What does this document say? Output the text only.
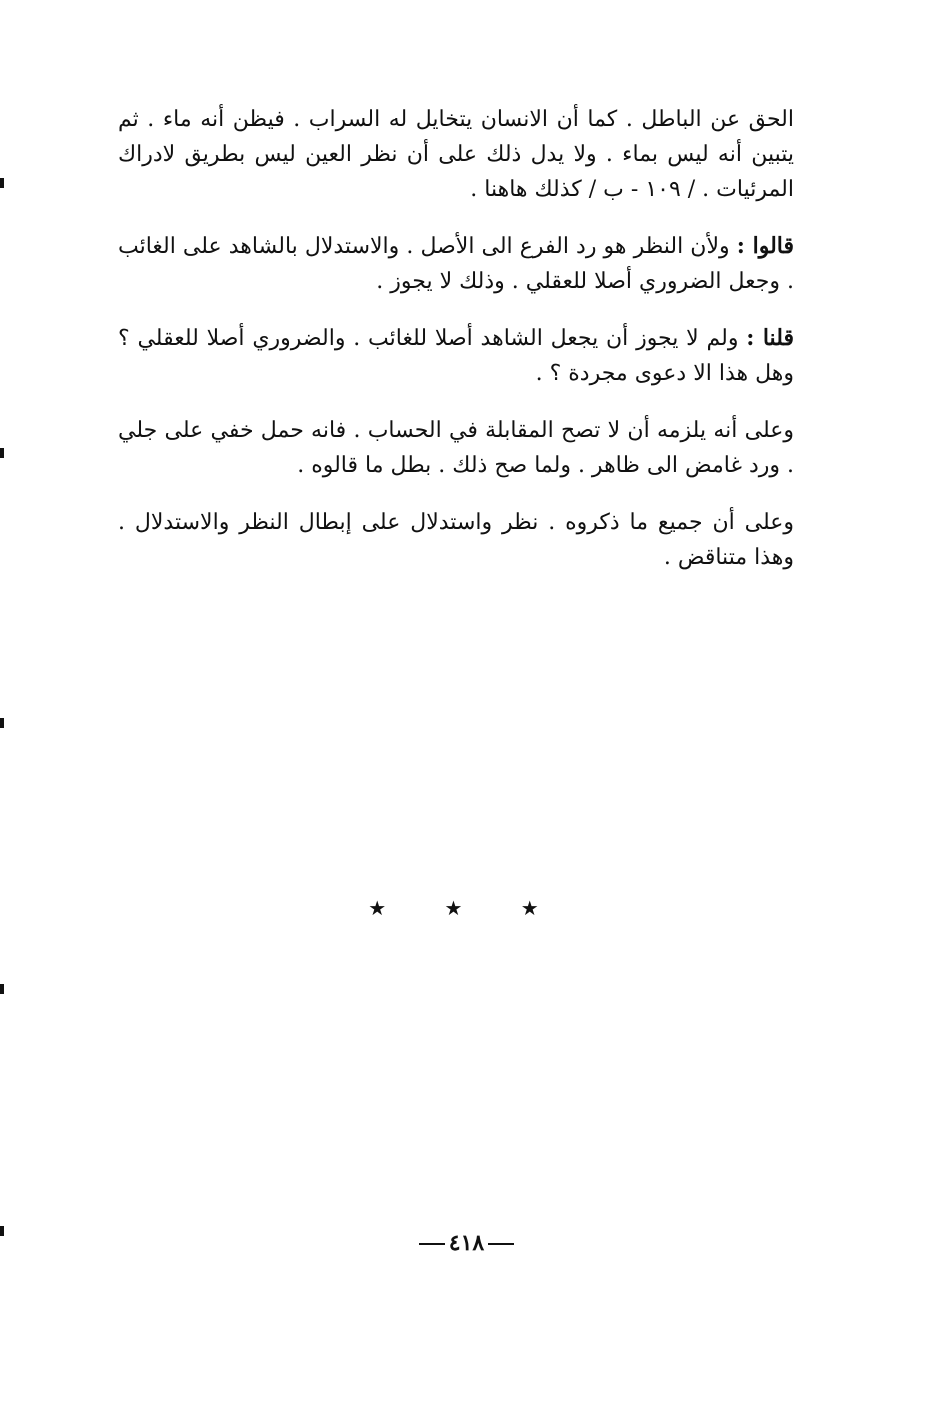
الحق عن الباطل . كما أن الانسان يتخايل له السراب . فيظن أنه ماء . ثم يتبين أنه ليس بماء . ولا يدل ذلك على أن نظر العين ليس بطريق لادراك المرئيات . / ١٠٩ - ب / كذلك هاهنا .

قالوا : ولأن النظر هو رد الفرع الى الأصل . والاستدلال بالشاهد على الغائب . وجعل الضروري أصلا للعقلي . وذلك لا يجوز .

قلنا : ولم لا يجوز أن يجعل الشاهد أصلا للغائب . والضروري أصلا للعقلي ؟ وهل هذا الا دعوى مجردة ؟ .

وعلى أنه يلزمه أن لا تصح المقابلة في الحساب . فانه حمل خفي على جلي . ورد غامض الى ظاهر . ولما صح ذلك . بطل ما قالوه .

وعلى أن جميع ما ذكروه . نظر واستدلال على إبطال النظر والاستدلال . وهذا متناقض .

★ ★ ★
٤١٨
